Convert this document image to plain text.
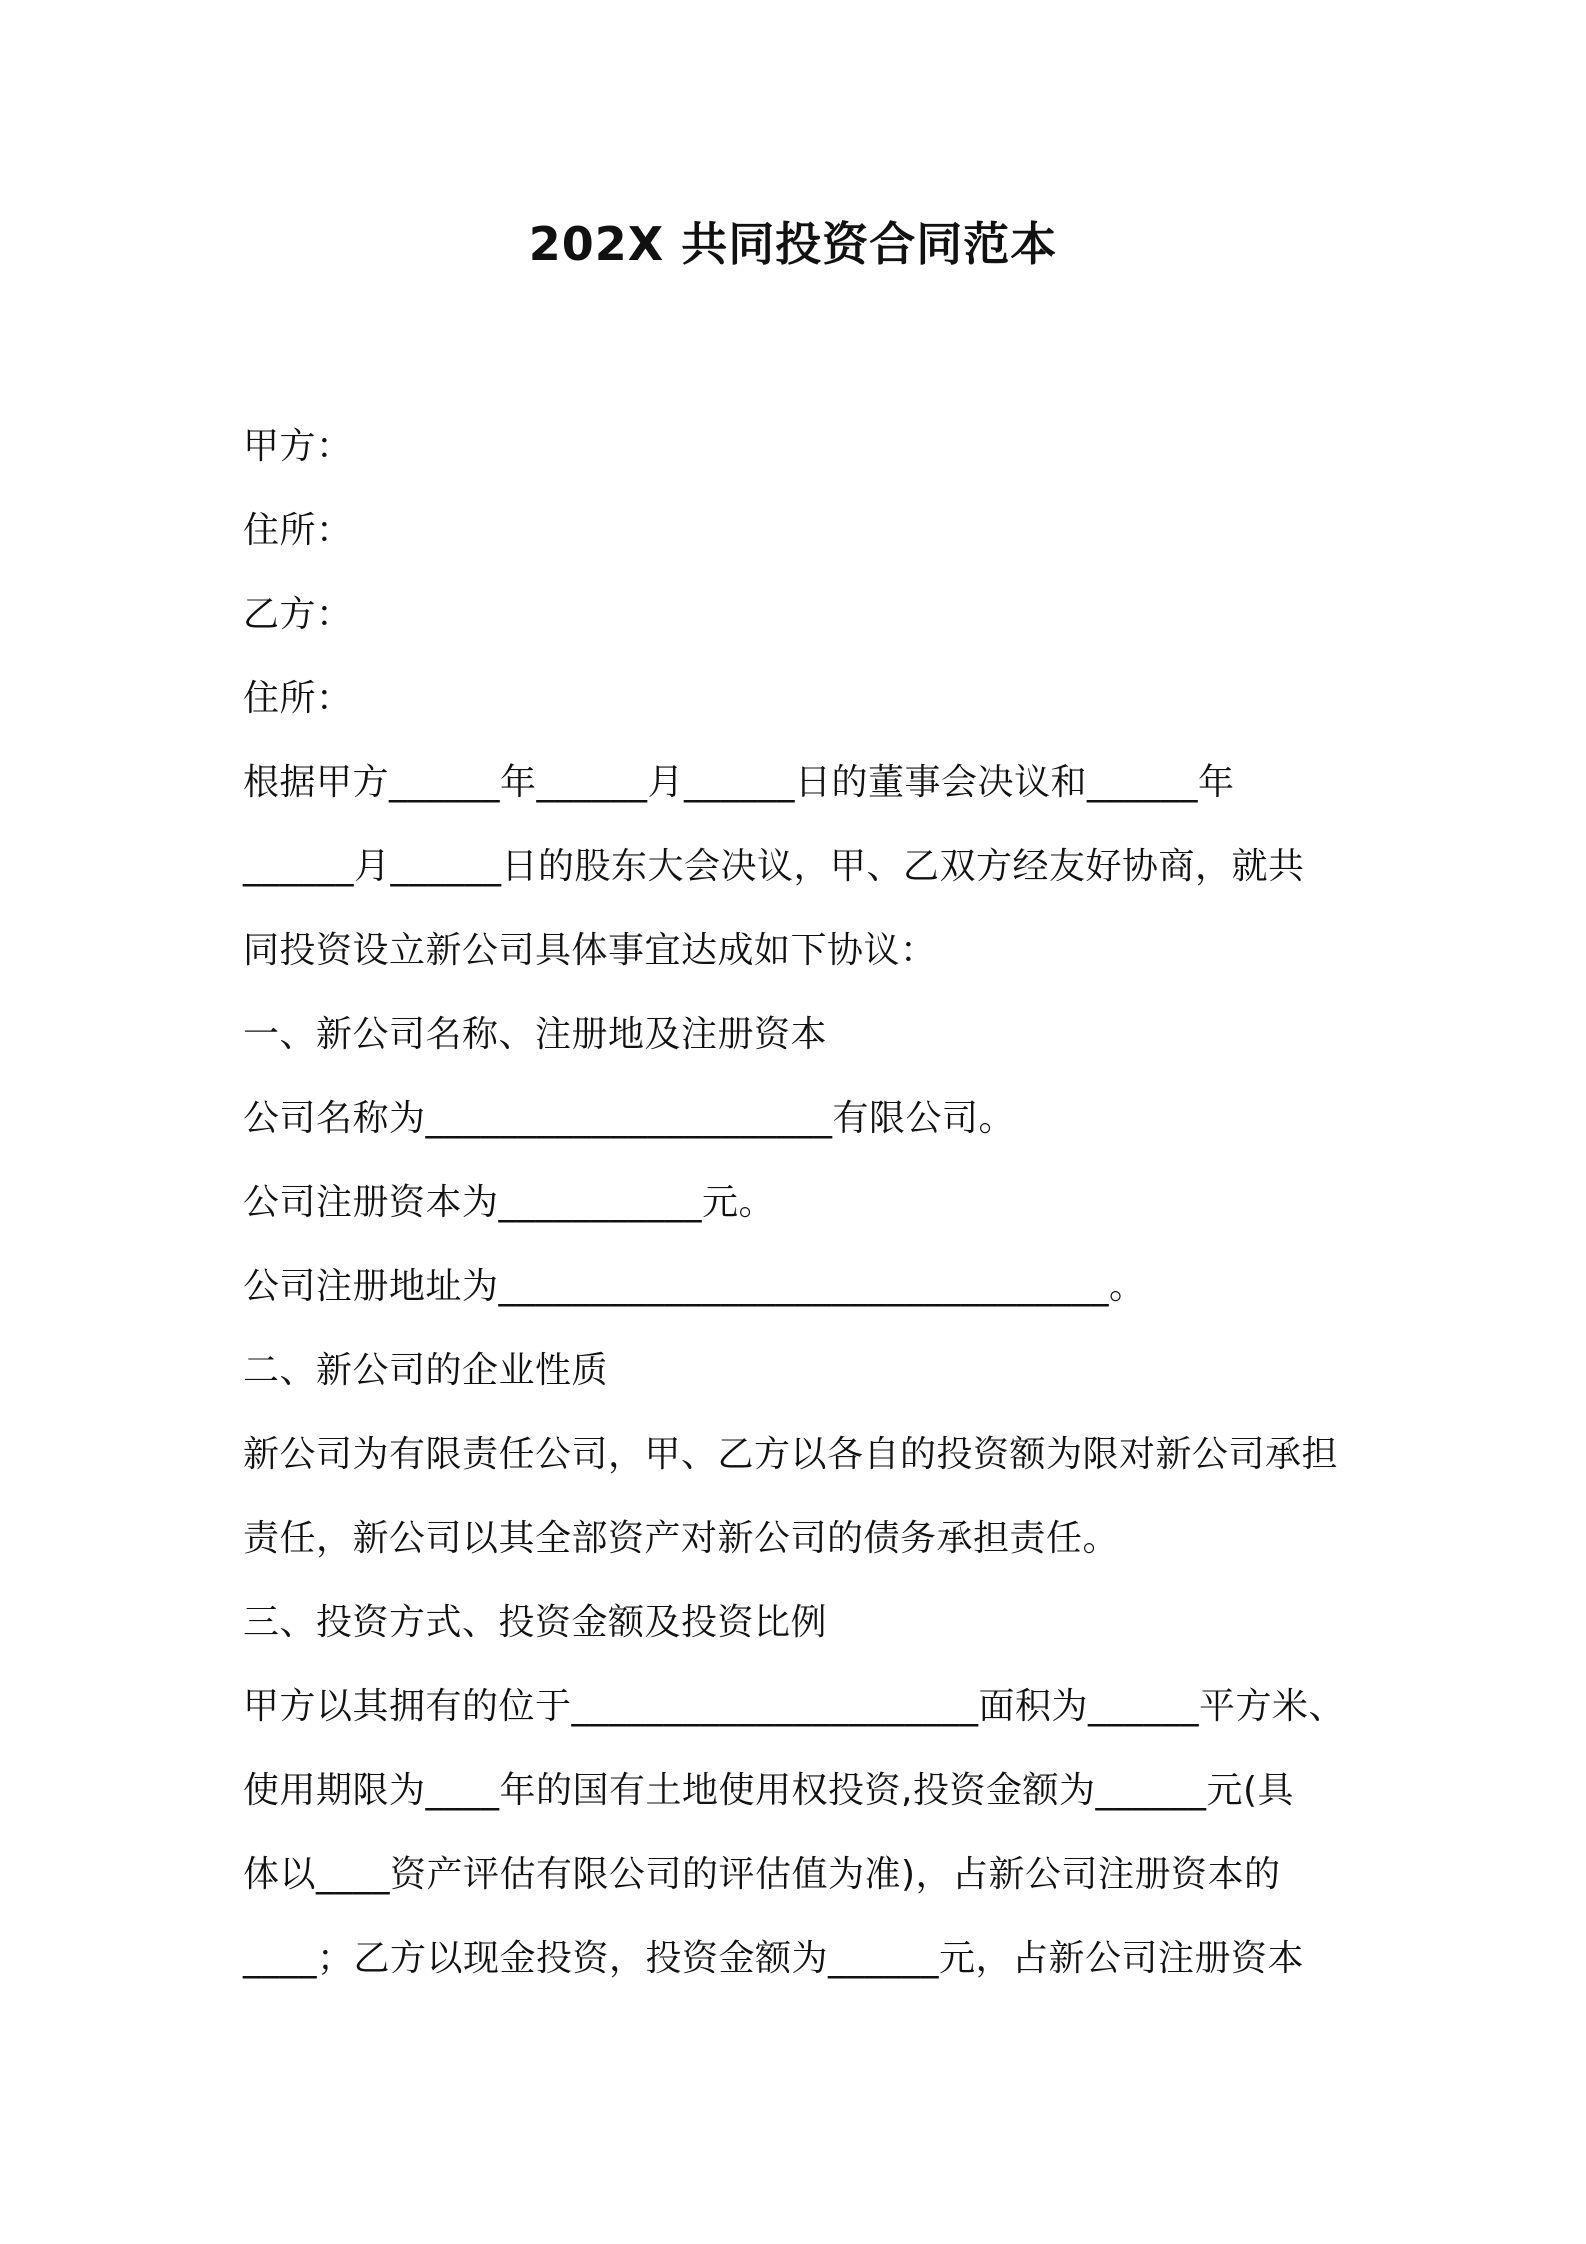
202X 共同投资合同范本
甲方：
住所：
乙方：
住所：
根据甲方______年______月______日的董事会决议和______年
______月______日的股东大会决议，甲、乙双方经友好协商，就共
同投资设立新公司具体事宜达成如下协议：
一、新公司名称、注册地及注册资本
公司名称为______________________有限公司。
公司注册资本为___________元。
公司注册地址为_________________________________。
二、新公司的企业性质
新公司为有限责任公司，甲、乙方以各自的投资额为限对新公司承担
责任，新公司以其全部资产对新公司的债务承担责任。
三、投资方式、投资金额及投资比例
甲方以其拥有的位于______________________面积为______平方米、
使用期限为____年的国有土地使用权投资,投资金额为______元(具
体以____资产评估有限公司的评估值为准)，占新公司注册资本的
____；乙方以现金投资，投资金额为______元，占新公司注册资本
